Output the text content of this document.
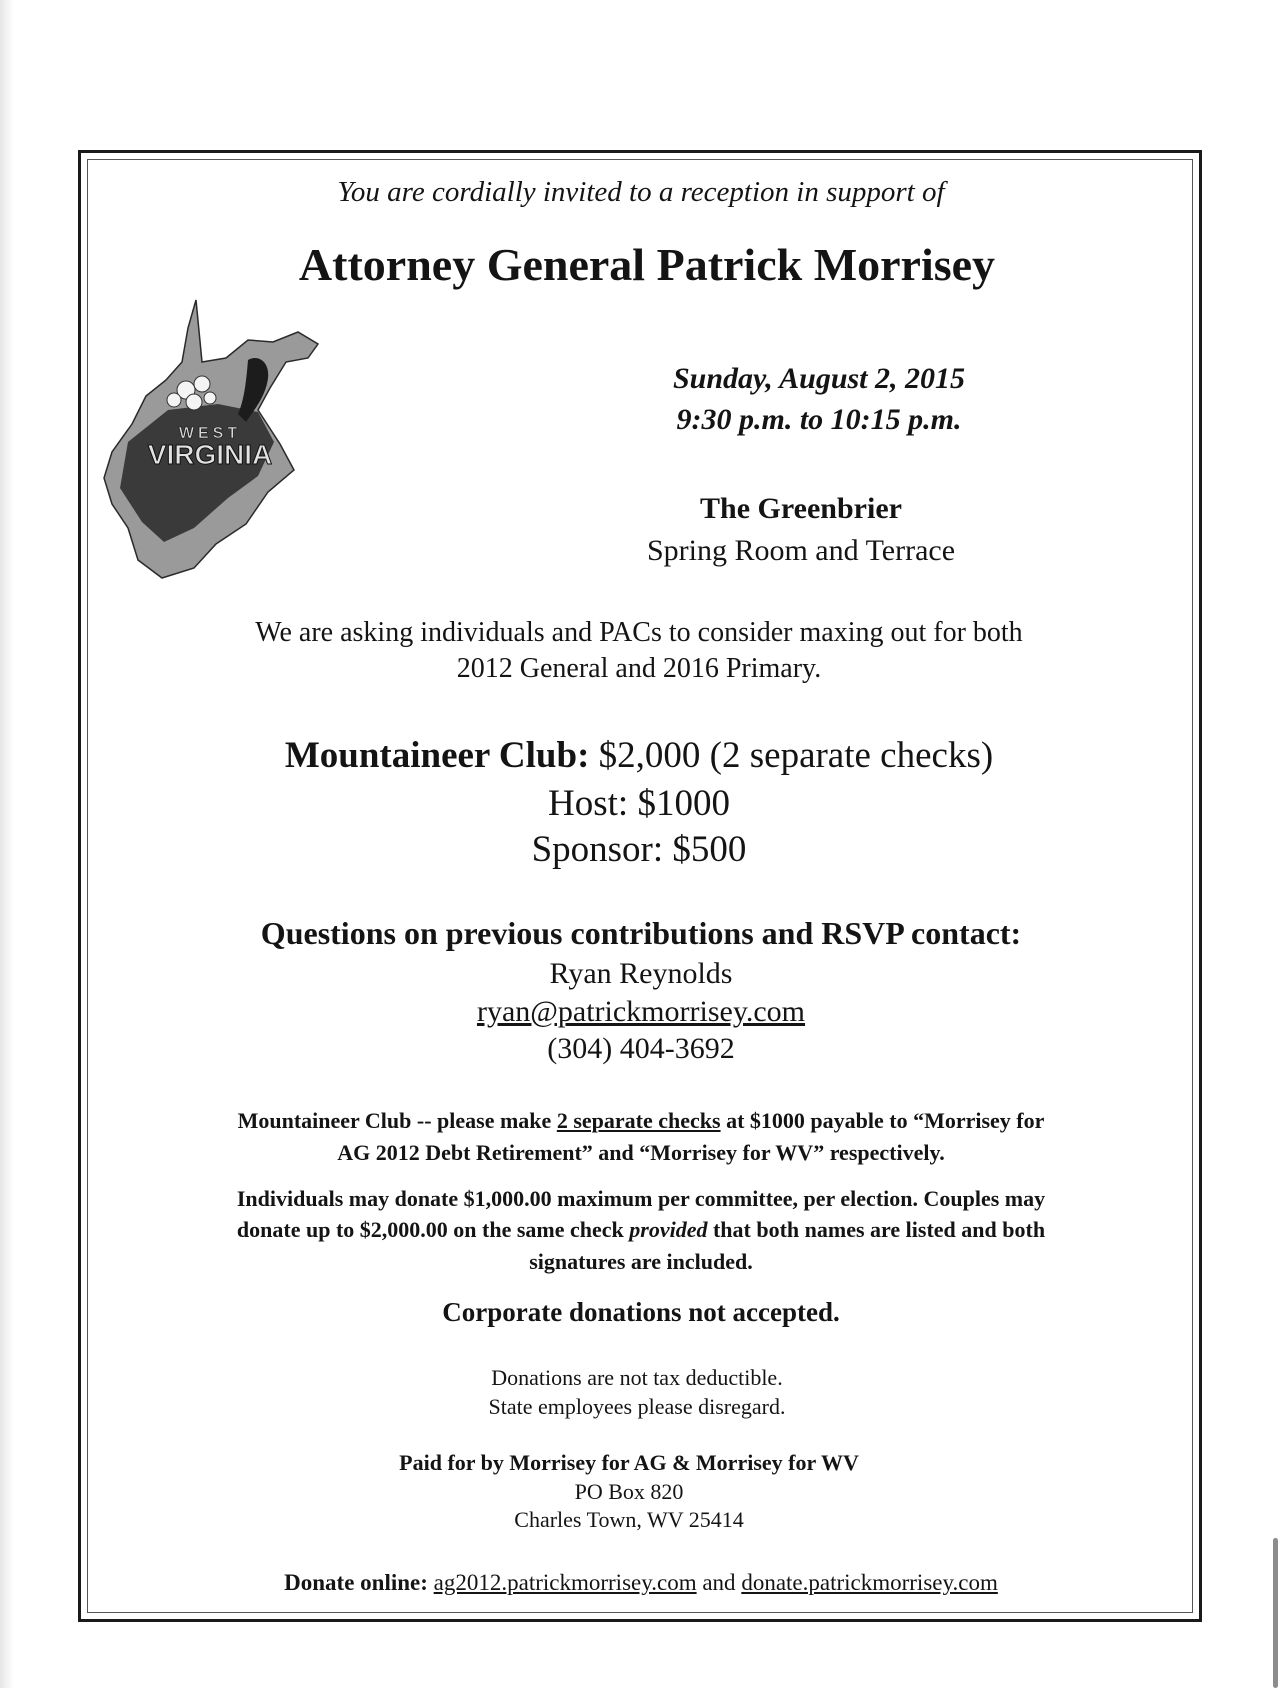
You are cordially invited to a reception in support of
Attorney General Patrick Morrisey
WEST
VIRGINIA
Sunday, August 2, 2015
9:30 p.m. to 10:15 p.m.
The Greenbrier
Spring Room and Terrace
We are asking individuals and PACs to consider maxing out for both
2012 General and 2016 Primary.
Mountaineer Club: $2,000 (2 separate checks)
Host: $1000
Sponsor: $500
Questions on previous contributions and RSVP contact:
Ryan Reynolds
ryan@patrickmorrisey.com
(304) 404-3692
Mountaineer Club -- please make 2 separate checks at $1000 payable to “Morrisey for
AG 2012 Debt Retirement” and “Morrisey for WV” respectively.
Individuals may donate $1,000.00 maximum per committee, per election. Couples may
donate up to $2,000.00 on the same check provided that both names are listed and both
signatures are included.
Corporate donations not accepted.
Donations are not tax deductible.
State employees please disregard.
Paid for by Morrisey for AG & Morrisey for WV
PO Box 820
Charles Town, WV 25414
Donate online: ag2012.patrickmorrisey.com and donate.patrickmorrisey.com
